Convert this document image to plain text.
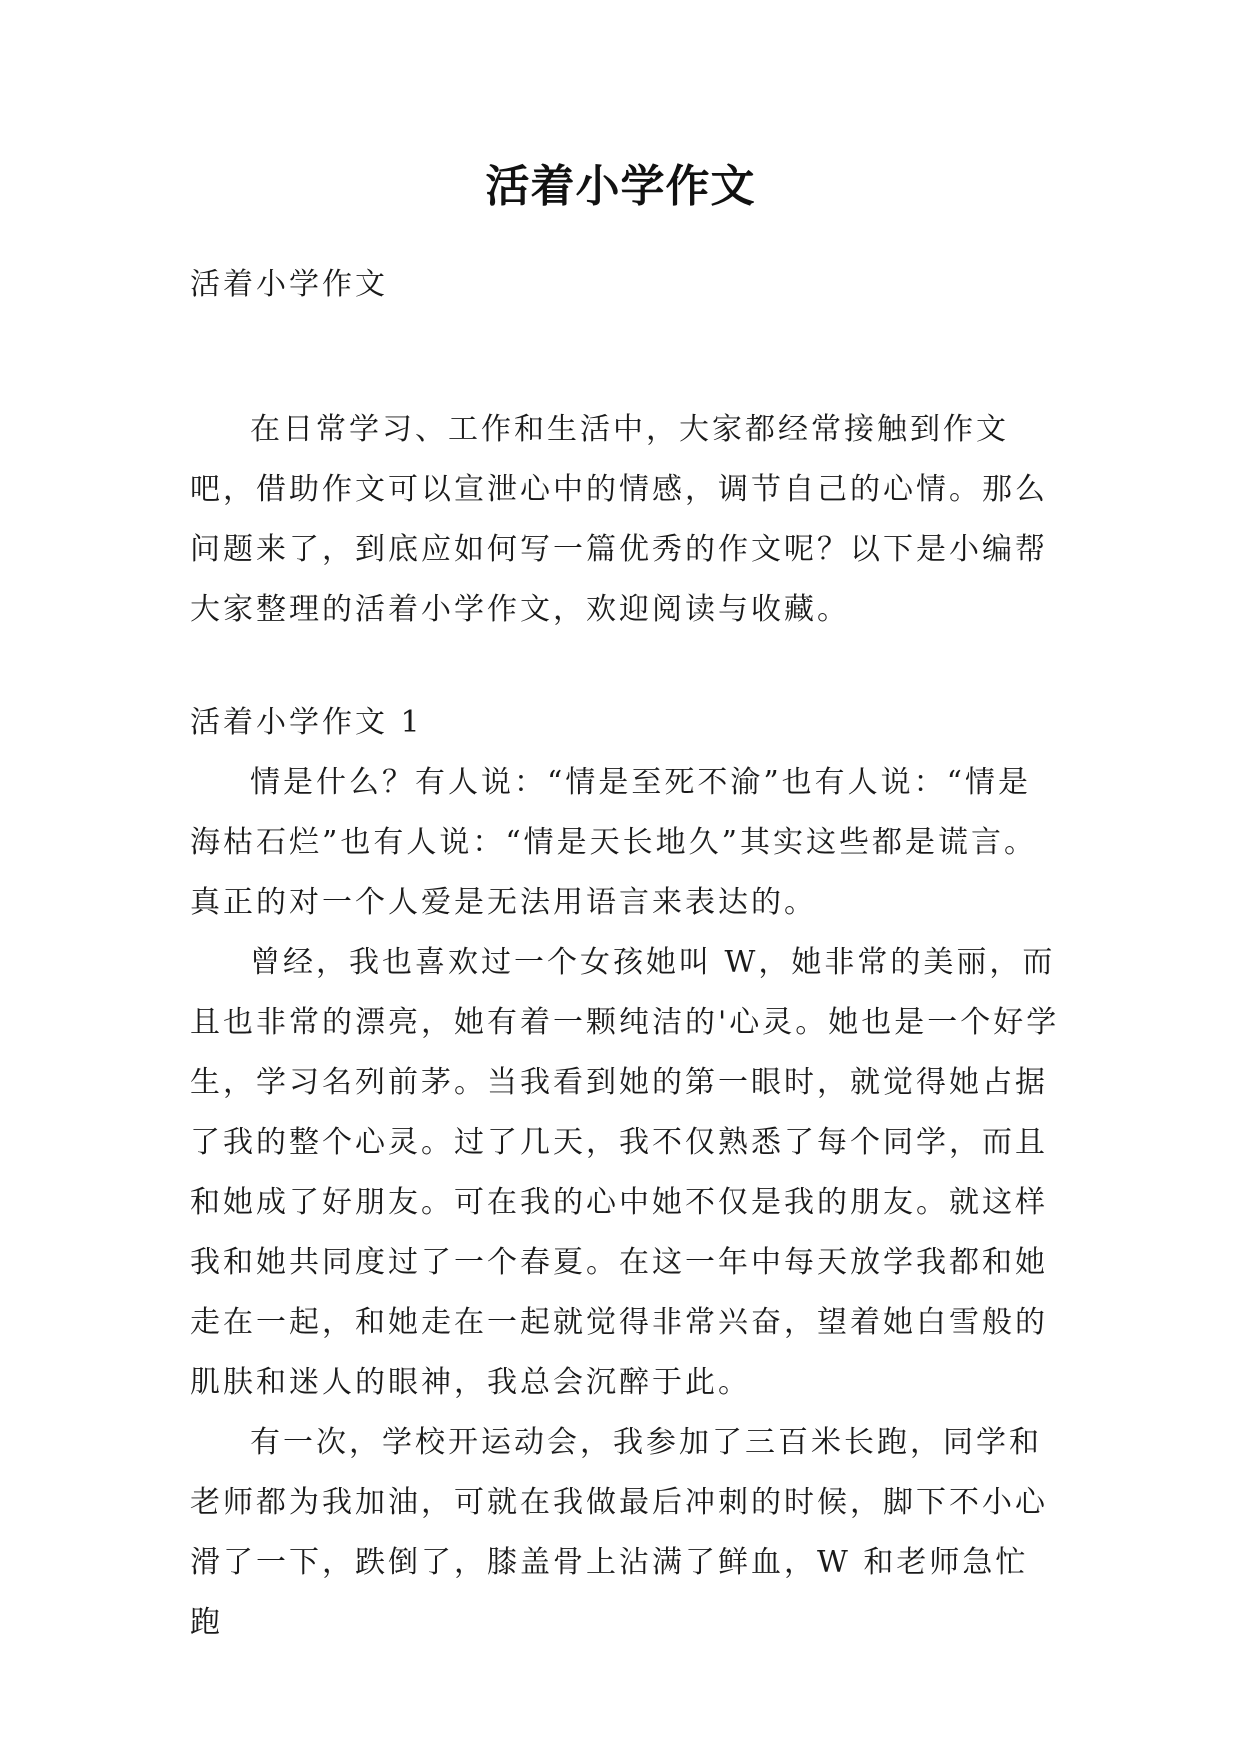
活着小学作文
活着小学作文

在日常学习、工作和生活中，大家都经常接触到作文吧，借助作文可以宣泄心中的情感，调节自己的心情。那么问题来了，到底应如何写一篇优秀的作文呢？以下是小编帮大家整理的活着小学作文，欢迎阅读与收藏。

活着小学作文 1

情是什么？有人说：“情是至死不渝”也有人说：“情是海枯石烂”也有人说：“情是天长地久”其实这些都是谎言。真正的对一个人爱是无法用语言来表达的。

曾经，我也喜欢过一个女孩她叫 W，她非常的美丽，而且也非常的漂亮，她有着一颗纯洁的'心灵。她也是一个好学生，学习名列前茅。当我看到她的第一眼时，就觉得她占据了我的整个心灵。过了几天，我不仅熟悉了每个同学，而且和她成了好朋友。可在我的心中她不仅是我的朋友。就这样我和她共同度过了一个春夏。在这一年中每天放学我都和她走在一起，和她走在一起就觉得非常兴奋，望着她白雪般的肌肤和迷人的眼神，我总会沉醉于此。

有一次，学校开运动会，我参加了三百米长跑，同学和老师都为我加油，可就在我做最后冲刺的时候，脚下不小心滑了一下，跌倒了，膝盖骨上沾满了鲜血，W 和老师急忙跑
